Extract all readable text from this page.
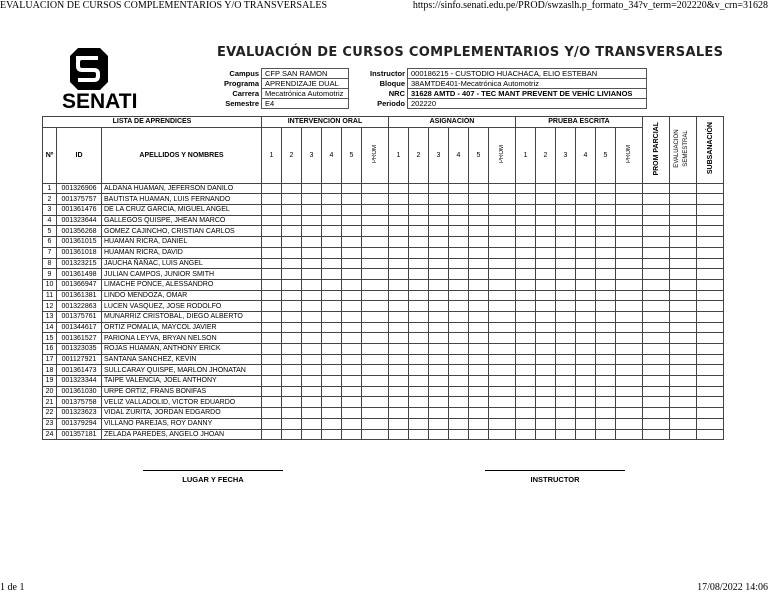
EVALUACION DE CURSOS COMPLEMENTARIOS Y/O TRANSVERSALES	https://sinfo.senati.edu.pe/PROD/swzaslh.p_formato_34?v_term=202220&v_crn=31628
SENATI
EVALUACIÓN DE CURSOS COMPLEMENTARIOS Y/O TRANSVERSALES
Campus	CFP SAN RAMON
Programa	APRENDIZAJE DUAL
Carrera	Mecatrónica Automotriz
Semestre	E4
Instructor	000186215 - CUSTODIO HUACHACA, ELIO ESTEBAN
Bloque	38AMTDE401-Mecatrónica Automotriz
NRC	31628 AMTD - 407 - TEC MANT PREVENT DE VEHÍC LIVIANOS
Periodo	202220
LISTA DE APRENDICES			INTERVENCIÓN ORAL						ASIGNACIÓN						PRUEBA ESCRITA						PROM PARCIAL	EVALUACIÓN SEMESTRAL	SUBSANACIÓN
Nº	ID	APELLIDOS Y NOMBRES	1	2	3	4	5	PROM	1	2	3	4	5	PROM	1	2	3	4	5	PROM			
1	001326906	ALDANA HUAMAN, JEFERSON DANILO																					
2	001375757	BAUTISTA HUAMAN, LUIS FERNANDO																					
3	001361476	DE LA CRUZ GARCIA, MIGUEL ANGEL																					
4	001323644	GALLEGOS QUISPE, JHEAN MARCO																					
5	001356268	GOMEZ CAJINCHO, CRISTIAN CARLOS																					
6	001361015	HUAMAN RICRA, DANIEL																					
7	001361018	HUAMAN RICRA, DAVID																					
8	001323215	JAUCHA ÑAÑAC, LUIS ANGEL																					
9	001361498	JULIAN CAMPOS, JUNIOR SMITH																					
10	001366947	LIMACHE PONCE, ALESSANDRO																					
11	001361381	LINDO MENDOZA, OMAR																					
12	001322863	LUCEN VASQUEZ, JOSE RODOLFO																					
13	001375761	MUNARRIZ CRISTOBAL, DIEGO ALBERTO																					
14	001344617	ORTIZ POMALIA, MAYCOL JAVIER																					
15	001361527	PARIONA LEYVA, BRYAN NELSON																					
16	001323035	ROJAS HUAMAN, ANTHONY ERICK																					
17	001127921	SANTANA SANCHEZ, KEVIN																					
18	001361473	SULLCARAY QUISPE, MARLON JHONATAN																					
19	001323344	TAIPE VALENCIA, JOEL ANTHONY																					
20	001361030	URPE ORTIZ, FRANS BONIFAS																					
21	001375758	VELIZ VALLADOLID, VICTOR EDUARDO																					
22	001323623	VIDAL ZURITA, JORDAN EDGARDO																					
23	001379294	VILLANO PAREJAS, ROY DANNY																					
24	001357181	ZELADA PAREDES, ANGELO JHOAN																					
LUGAR Y FECHA	INSTRUCTOR
1 de 1	17/08/2022 14:06
